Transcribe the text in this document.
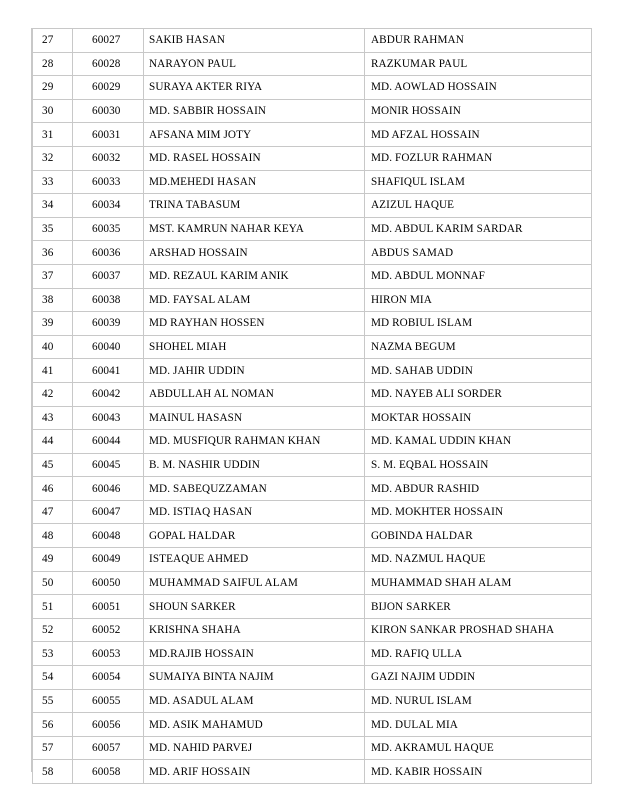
27	60027	SAKIB HASAN	ABDUR RAHMAN
28	60028	NARAYON PAUL	RAZKUMAR PAUL
29	60029	SURAYA AKTER RIYA	MD. AOWLAD HOSSAIN
30	60030	MD. SABBIR HOSSAIN	MONIR HOSSAIN
31	60031	AFSANA MIM JOTY	MD AFZAL HOSSAIN
32	60032	MD. RASEL HOSSAIN	MD. FOZLUR RAHMAN
33	60033	MD.MEHEDI HASAN	SHAFIQUL ISLAM
34	60034	TRINA TABASUM	AZIZUL HAQUE
35	60035	MST. KAMRUN NAHAR KEYA	MD. ABDUL KARIM SARDAR
36	60036	ARSHAD HOSSAIN	ABDUS SAMAD
37	60037	MD. REZAUL KARIM ANIK	MD. ABDUL MONNAF
38	60038	MD. FAYSAL ALAM	HIRON MIA
39	60039	MD RAYHAN HOSSEN	MD ROBIUL ISLAM
40	60040	SHOHEL MIAH	NAZMA BEGUM
41	60041	MD. JAHIR UDDIN	MD. SAHAB UDDIN
42	60042	ABDULLAH AL NOMAN	MD. NAYEB ALI SORDER
43	60043	MAINUL HASASN	MOKTAR HOSSAIN
44	60044	MD. MUSFIQUR RAHMAN KHAN	MD. KAMAL UDDIN KHAN
45	60045	B. M. NASHIR UDDIN	S. M. EQBAL HOSSAIN
46	60046	MD. SABEQUZZAMAN	MD. ABDUR RASHID
47	60047	MD. ISTIAQ HASAN	MD. MOKHTER HOSSAIN
48	60048	GOPAL HALDAR	GOBINDA HALDAR
49	60049	ISTEAQUE AHMED	MD. NAZMUL HAQUE
50	60050	MUHAMMAD SAIFUL ALAM	MUHAMMAD SHAH ALAM
51	60051	SHOUN SARKER	BIJON SARKER
52	60052	KRISHNA SHAHA	KIRON SANKAR PROSHAD SHAHA
53	60053	MD.RAJIB HOSSAIN	MD. RAFIQ ULLA
54	60054	SUMAIYA BINTA NAJIM	GAZI NAJIM UDDIN
55	60055	MD. ASADUL ALAM	MD. NURUL ISLAM
56	60056	MD. ASIK MAHAMUD	MD. DULAL MIA
57	60057	MD. NAHID PARVEJ	MD. AKRAMUL HAQUE
58	60058	MD. ARIF HOSSAIN	MD. KABIR HOSSAIN
